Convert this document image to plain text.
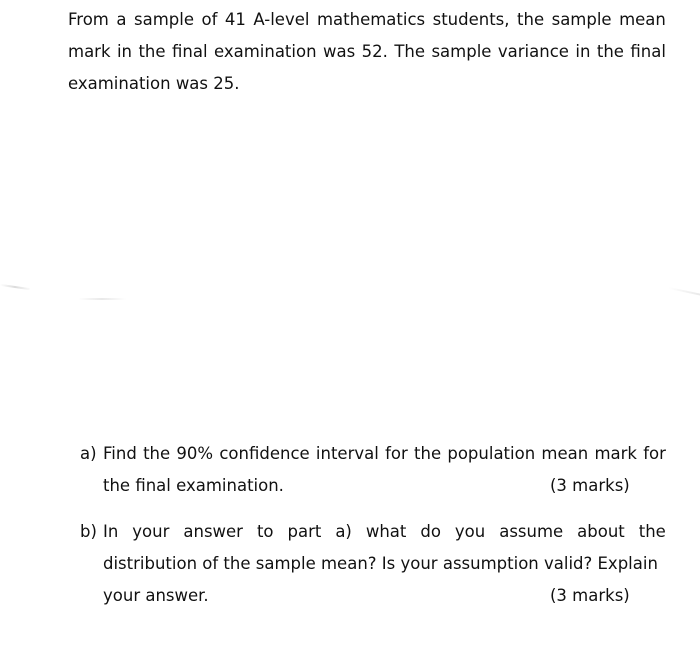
From a sample of 41 A-level mathematics students, the sample mean
mark in the final examination was 52. The sample variance in the final
examination was 25.
a) Find the 90% confidence interval for the population mean mark for
the final examination.	(3 marks)
b) In your answer to part a) what do you assume about the
distribution of the sample mean? Is your assumption valid? Explain
your answer.	(3 marks)
